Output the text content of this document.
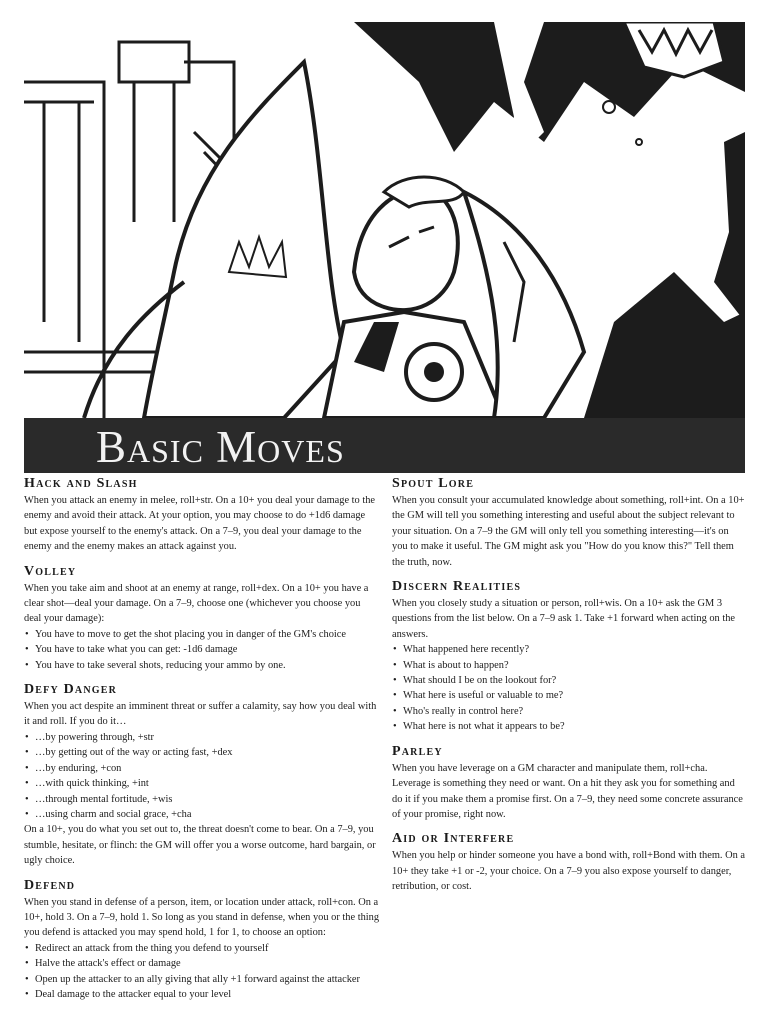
Basic Moves
Hack and Slash

When you attack an enemy in melee, roll+str. On a 10+ you deal your damage to the enemy and avoid their attack. At your option, you may choose to do +1d6 damage but expose yourself to the enemy's attack. On a 7–9, you deal your damage to the enemy and the enemy makes an attack against you.

Volley

When you take aim and shoot at an enemy at range, roll+dex. On a 10+ you have a clear shot—deal your damage. On a 7–9, choose one (whichever you choose you deal your damage):

• You have to move to get the shot placing you in danger of the GM's choice
• You have to take what you can get: -1d6 damage
• You have to take several shots, reducing your ammo by one.
Defy Danger

When you act despite an imminent threat or suffer a calamity, say how you deal with it and roll. If you do it…

• …by powering through, +str
• …by getting out of the way or acting fast, +dex
• …by enduring, +con
• …with quick thinking, +int
• …through mental fortitude, +wis
• …using charm and social grace, +cha

On a 10+, you do what you set out to, the threat doesn't come to bear. On a 7–9, you stumble, hesitate, or flinch: the GM will offer you a worse outcome, hard bargain, or ugly choice.

Defend

When you stand in defense of a person, item, or location under attack, roll+con. On a 10+, hold 3. On a 7–9, hold 1. So long as you stand in defense, when you or the thing you defend is attacked you may spend hold, 1 for 1, to choose an option:

• Redirect an attack from the thing you defend to yourself
• Halve the attack's effect or damage
• Open up the attacker to an ally giving that ally +1 forward against the attacker
• Deal damage to the attacker equal to your level
Spout Lore

When you consult your accumulated knowledge about something, roll+int. On a 10+ the GM will tell you something interesting and useful about the subject relevant to your situation. On a 7–9 the GM will only tell you something interesting—it's on you to make it useful. The GM might ask you "How do you know this?" Tell them the truth, now.

Discern Realities

When you closely study a situation or person, roll+wis. On a 10+ ask the GM 3 questions from the list below. On a 7–9 ask 1. Take +1 forward when acting on the answers.

• What happened here recently?
• What is about to happen?
• What should I be on the lookout for?
• What here is useful or valuable to me?
• Who's really in control here?
• What here is not what it appears to be?
Parley

When you have leverage on a GM character and manipulate them, roll+cha. Leverage is something they need or want. On a hit they ask you for something and do it if you make them a promise first. On a 7–9, they need some concrete assurance of your promise, right now.

Aid or Interfere

When you help or hinder someone you have a bond with, roll+Bond with them. On a 10+ they take +1 or -2, your choice. On a 7–9 you also expose yourself to danger, retribution, or cost.
